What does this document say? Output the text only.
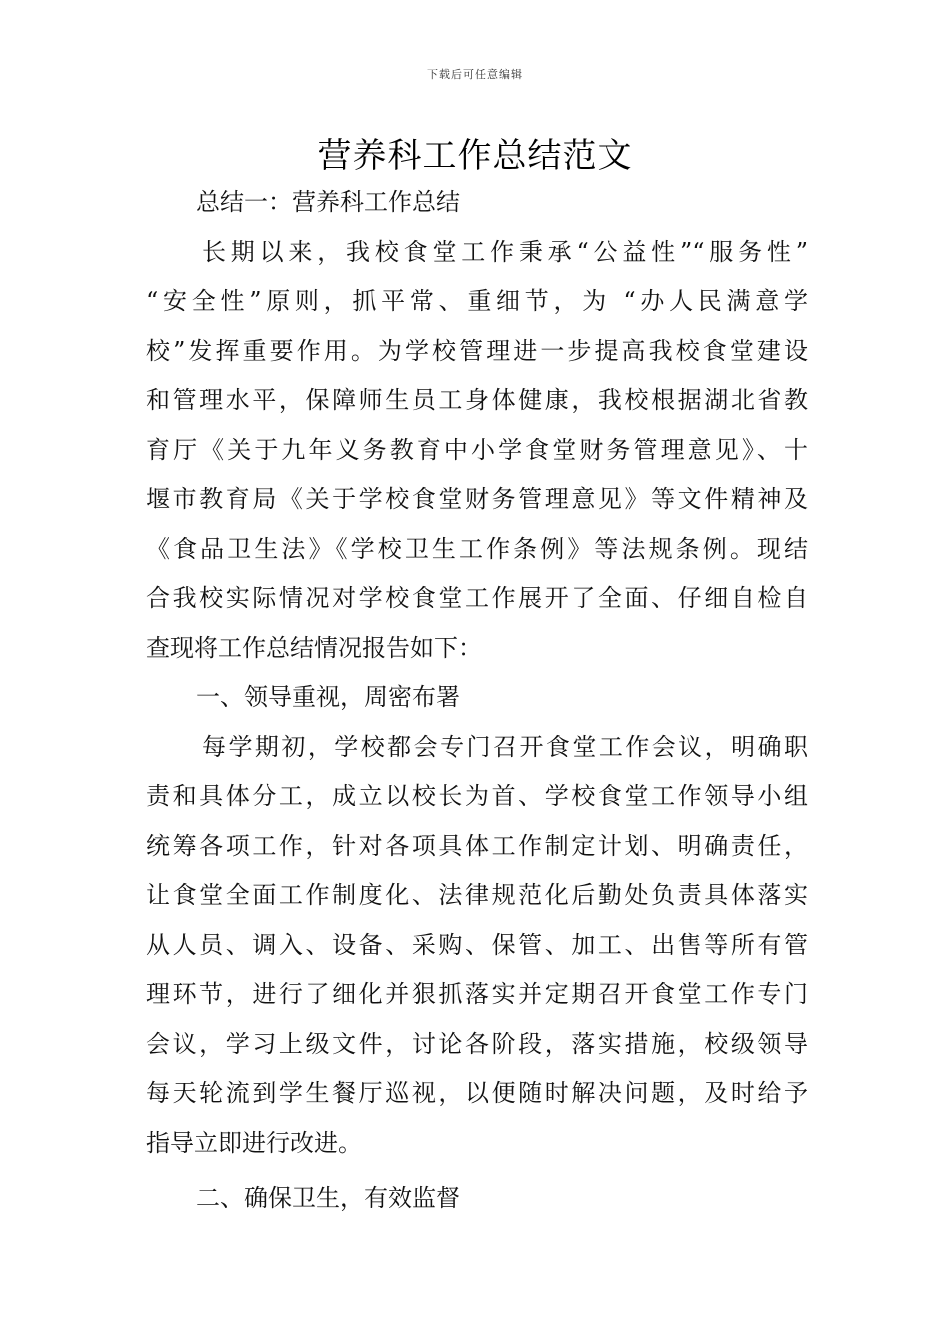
下载后可任意编辑
营养科工作总结范文
总结一：营养科工作总结
长期以来，我校食堂工作秉承“公益性”“服务性”
“安全性”原则，抓平常、重细节，为 “办人民满意学
校”发挥重要作用。为学校管理进一步提高我校食堂建设
和管理水平，保障师生员工身体健康，我校根据湖北省教
育厅《关于九年义务教育中小学食堂财务管理意见》、十
堰市教育局《关于学校食堂财务管理意见》等文件精神及
《食品卫生法》《学校卫生工作条例》等法规条例。现结
合我校实际情况对学校食堂工作展开了全面、仔细自检自
查现将工作总结情况报告如下：
一、领导重视，周密布署
每学期初，学校都会专门召开食堂工作会议，明确职
责和具体分工，成立以校长为首、学校食堂工作领导小组
统筹各项工作，针对各项具体工作制定计划、明确责任，
让食堂全面工作制度化、法律规范化后勤处负责具体落实
从人员、调入、设备、采购、保管、加工、出售等所有管
理环节，进行了细化并狠抓落实并定期召开食堂工作专门
会议，学习上级文件，讨论各阶段，落实措施，校级领导
每天轮流到学生餐厅巡视，以便随时解决问题，及时给予
指导立即进行改进。
二、确保卫生，有效监督
